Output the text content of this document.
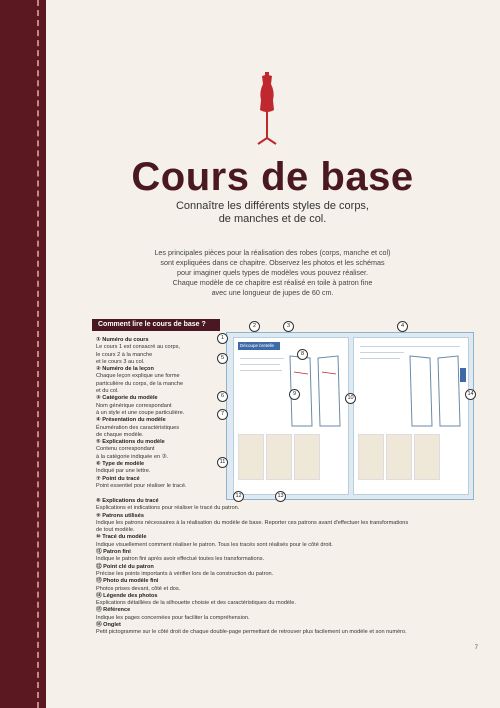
Cours de base
Connaître les différents styles de corps,
de manches et de col.
Les principales pièces pour la réalisation des robes (corps, manche et col)
sont expliquées dans ce chapitre. Observez les photos et les schémas
pour imaginer quels types de modèles vous pouvez réaliser.
Chaque modèle de ce chapitre est réalisé en toile à patron fine
avec une longueur de jupes de 60 cm.
Comment lire le cours de base ?
Découpe bretelle
1
2	3	4
5
6
7
8
9
10
11
12	13
14
① Numéro du cours
Le cours 1 est consacré au corps,
le cours 2 à la manche
et le cours 3 au col.
② Numéro de la leçon
Chaque leçon explique une forme
particulière du corps, de la manche
et du col.
③ Catégorie du modèle
Nom générique correspondant
à un style et une coupe particulière.
④ Présentation du modèle
Énumération des caractéristiques
de chaque modèle.
⑤ Explications du modèle
Contenu correspondant
à la catégorie indiquée en ③.
⑥ Type de modèle
Indiqué par une lettre.
⑦ Point du tracé
Point essentiel pour réaliser le tracé.
⑧ Explications du tracé
Explications et indications pour réaliser le tracé du patron.
⑨ Patrons utilisés
Indique les patrons nécessaires à la réalisation du modèle de base. Reporter ces patrons avant d'effectuer les transformations
de tout modèle.
⑩ Tracé du modèle
Indique visuellement comment réaliser le patron. Tous les tracés sont réalisés pour le côté droit.
⑪ Patron fini
Indique le patron fini après avoir effectué toutes les transformations.
⑫ Point clé du patron
Précise les points importants à vérifier lors de la construction du patron.
⑬ Photo du modèle fini
Photos prises devant, côté et dos.
⑭ Légende des photos
Explications détaillées de la silhouette choisie et des caractéristiques du modèle.
⑮ Référence
Indique les pages concernées pour faciliter la compréhension.
⑯ Onglet
Petit pictogramme sur le côté droit de chaque double-page permettant de retrouver plus facilement un modèle et son numéro.
7
